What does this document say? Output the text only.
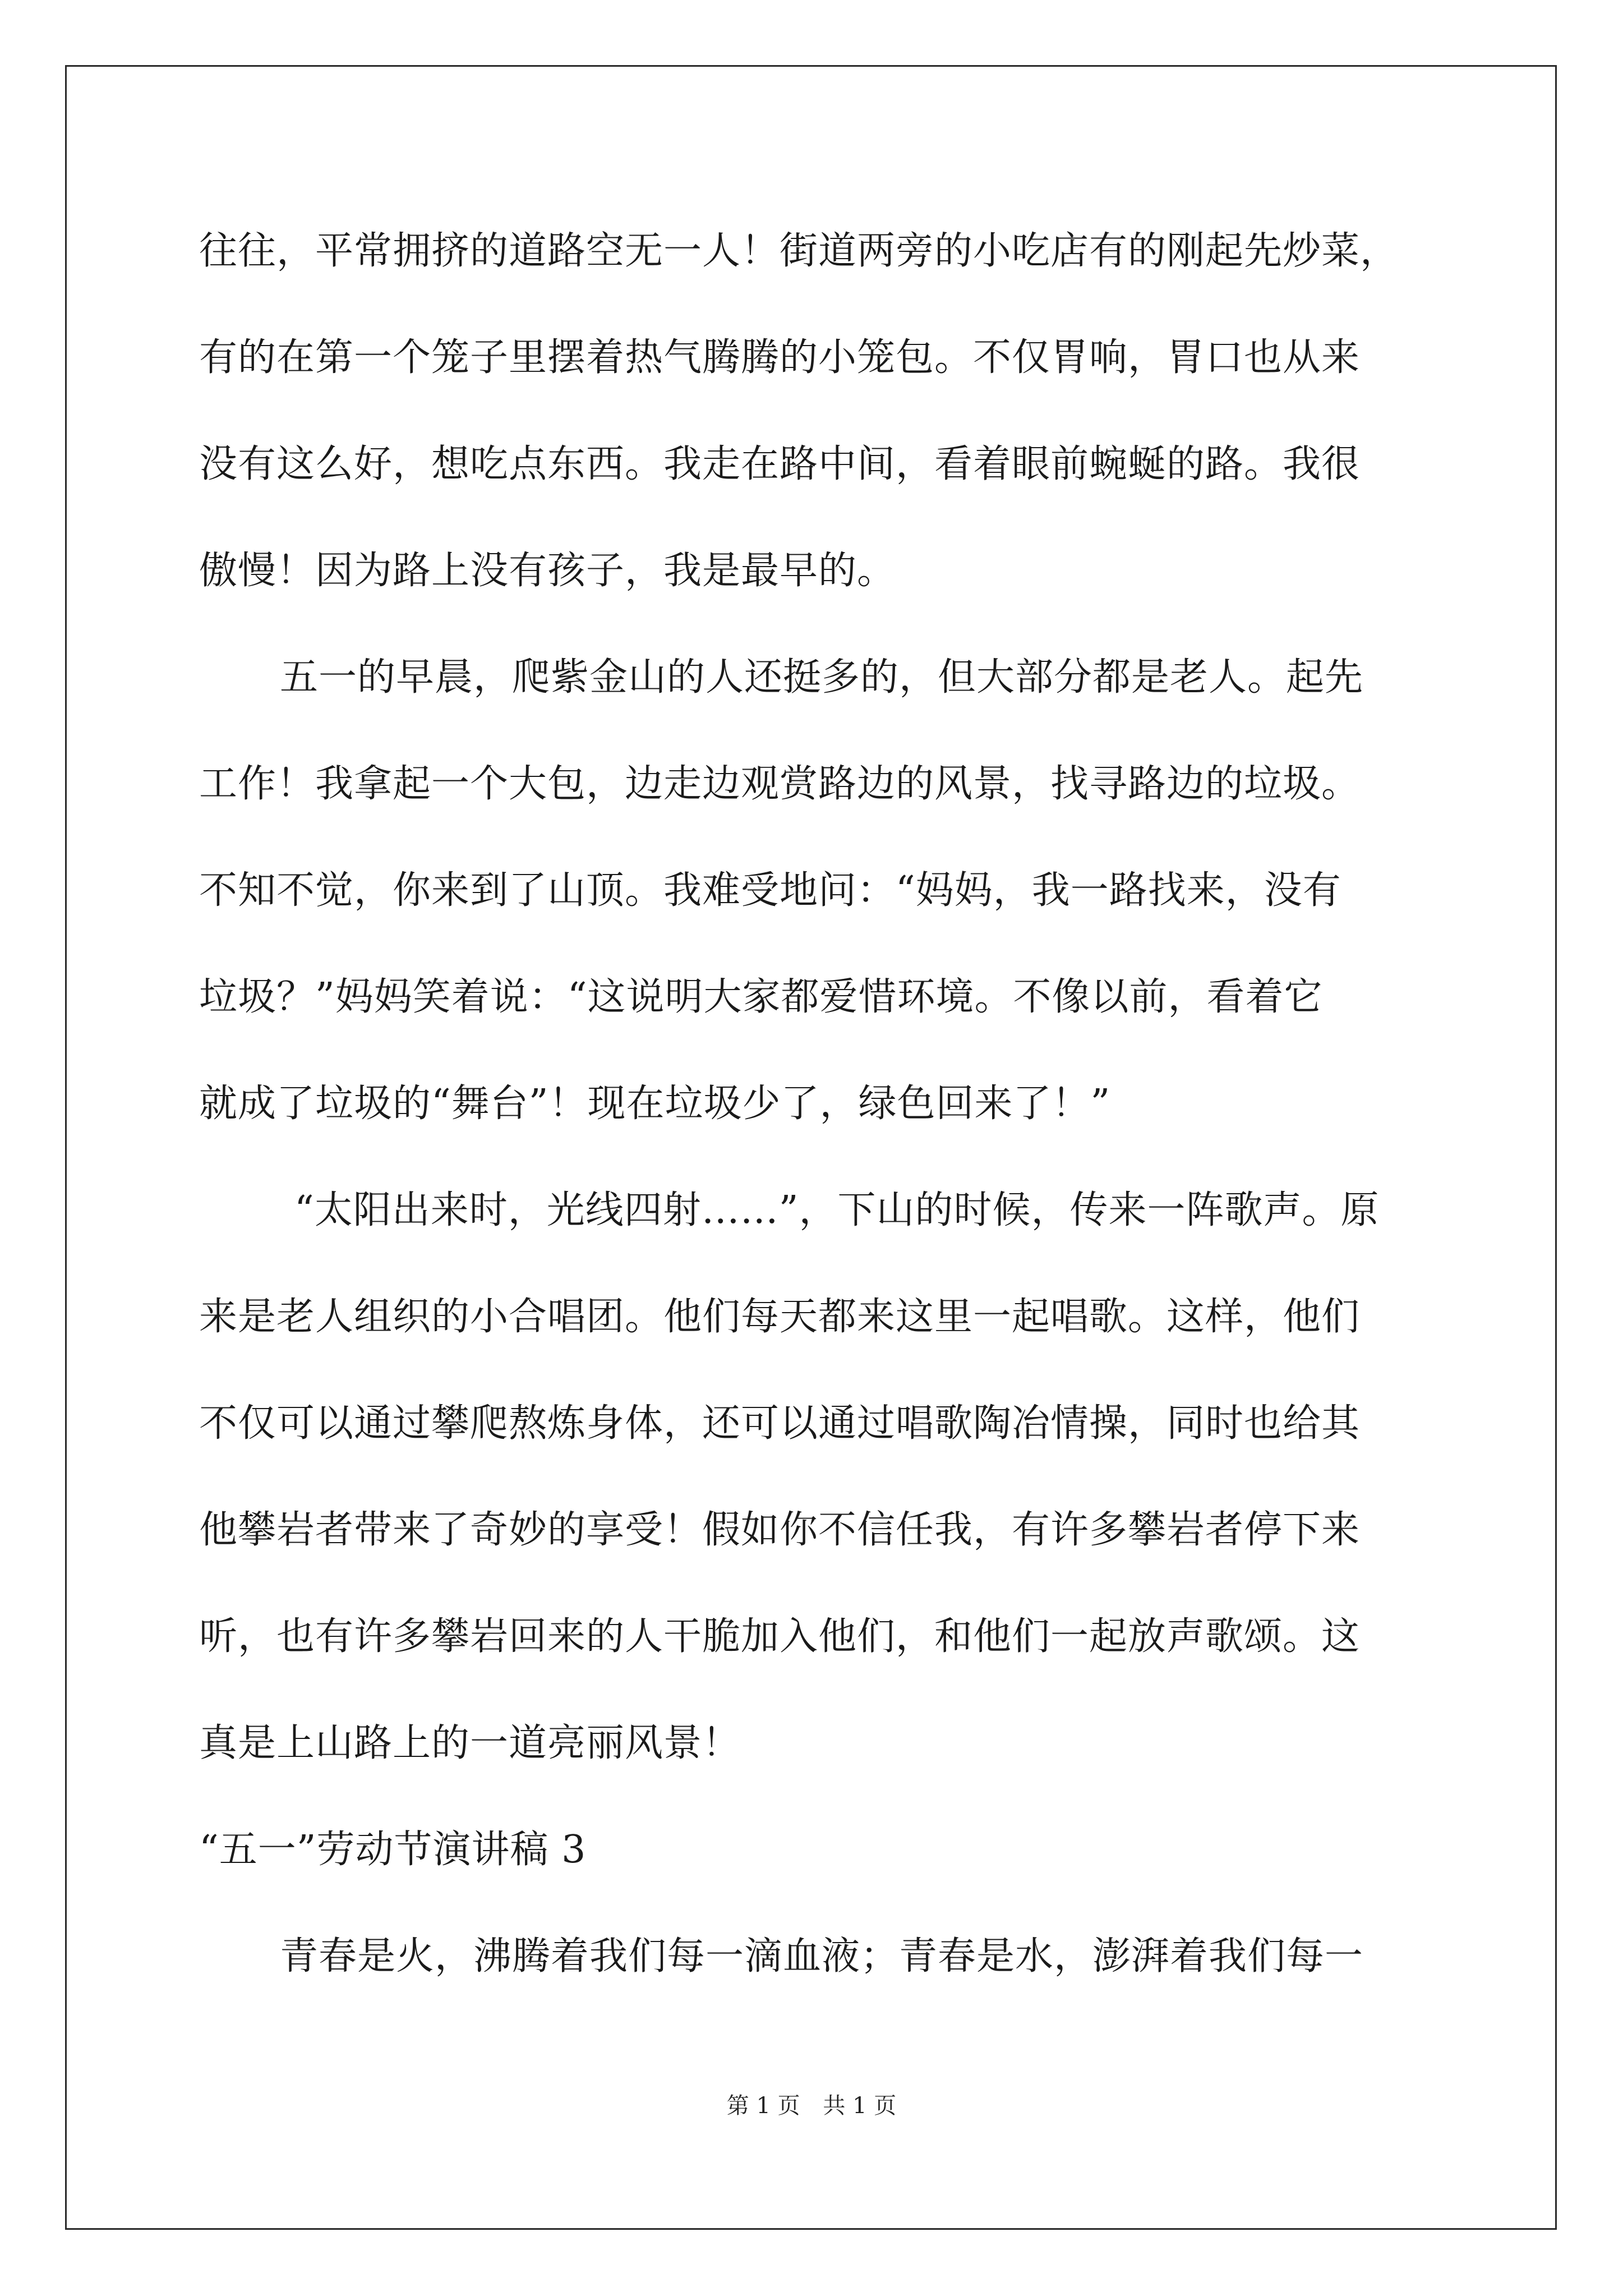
往往，平常拥挤的道路空无一人！街道两旁的小吃店有的刚起先炒菜，
有的在第一个笼子里摆着热气腾腾的小笼包。不仅胃响，胃口也从来
没有这么好，想吃点东西。我走在路中间，看着眼前蜿蜒的路。我很
傲慢！因为路上没有孩子，我是最早的。
五一的早晨，爬紫金山的人还挺多的，但大部分都是老人。起先
工作！我拿起一个大包，边走边观赏路边的风景，找寻路边的垃圾。
不知不觉，你来到了山顶。我难受地问：“妈妈，我一路找来，没有
垃圾？”妈妈笑着说：“这说明大家都爱惜环境。不像以前，看着它
就成了垃圾的“舞台”！现在垃圾少了，绿色回来了！”
“太阳出来时，光线四射……”，下山的时候，传来一阵歌声。原
来是老人组织的小合唱团。他们每天都来这里一起唱歌。这样，他们
不仅可以通过攀爬熬炼身体，还可以通过唱歌陶冶情操，同时也给其
他攀岩者带来了奇妙的享受！假如你不信任我，有许多攀岩者停下来
听，也有许多攀岩回来的人干脆加入他们，和他们一起放声歌颂。这
真是上山路上的一道亮丽风景！
“五一”劳动节演讲稿 3
青春是火，沸腾着我们每一滴血液；青春是水，澎湃着我们每一
第 1 页 共 1 页
